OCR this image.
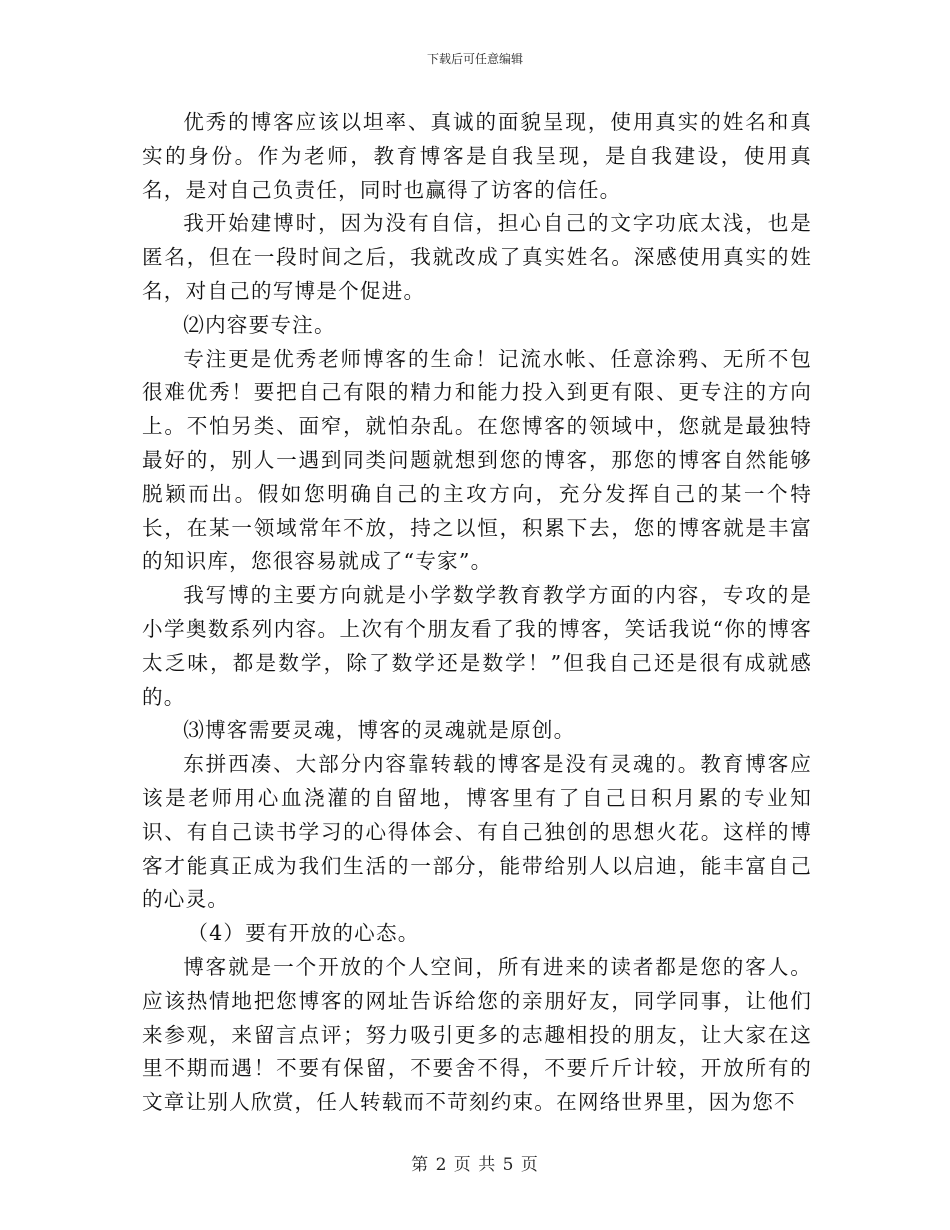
下载后可任意编辑

优秀的博客应该以坦率、真诚的面貌呈现，使用真实的姓名和真实的身份。作为老师，教育博客是自我呈现，是自我建设，使用真名，是对自己负责任，同时也赢得了访客的信任。

我开始建博时，因为没有自信，担心自己的文字功底太浅，也是匿名，但在一段时间之后，我就改成了真实姓名。深感使用真实的姓名，对自己的写博是个促进。

⑵内容要专注。

专注更是优秀老师博客的生命！记流水帐、任意涂鸦、无所不包很难优秀！要把自己有限的精力和能力投入到更有限、更专注的方向上。不怕另类、面窄，就怕杂乱。在您博客的领域中，您就是最独特最好的，别人一遇到同类问题就想到您的博客，那您的博客自然能够脱颖而出。假如您明确自己的主攻方向，充分发挥自己的某一个特长，在某一领域常年不放，持之以恒，积累下去，您的博客就是丰富的知识库，您很容易就成了“专家”。

我写博的主要方向就是小学数学教育教学方面的内容，专攻的是小学奥数系列内容。上次有个朋友看了我的博客，笑话我说“你的博客太乏味，都是数学，除了数学还是数学！”但我自己还是很有成就感的。

⑶博客需要灵魂，博客的灵魂就是原创。

东拼西凑、大部分内容靠转载的博客是没有灵魂的。教育博客应该是老师用心血浇灌的自留地，博客里有了自己日积月累的专业知识、有自己读书学习的心得体会、有自己独创的思想火花。这样的博客才能真正成为我们生活的一部分，能带给别人以启迪，能丰富自己的心灵。

（4）要有开放的心态。

博客就是一个开放的个人空间，所有进来的读者都是您的客人。应该热情地把您博客的网址告诉给您的亲朋好友，同学同事，让他们来参观，来留言点评；努力吸引更多的志趣相投的朋友，让大家在这里不期而遇！不要有保留，不要舍不得，不要斤斤计较，开放所有的文章让别人欣赏，任人转载而不苛刻约束。在网络世界里，因为您不

第 2 页 共 5 页
